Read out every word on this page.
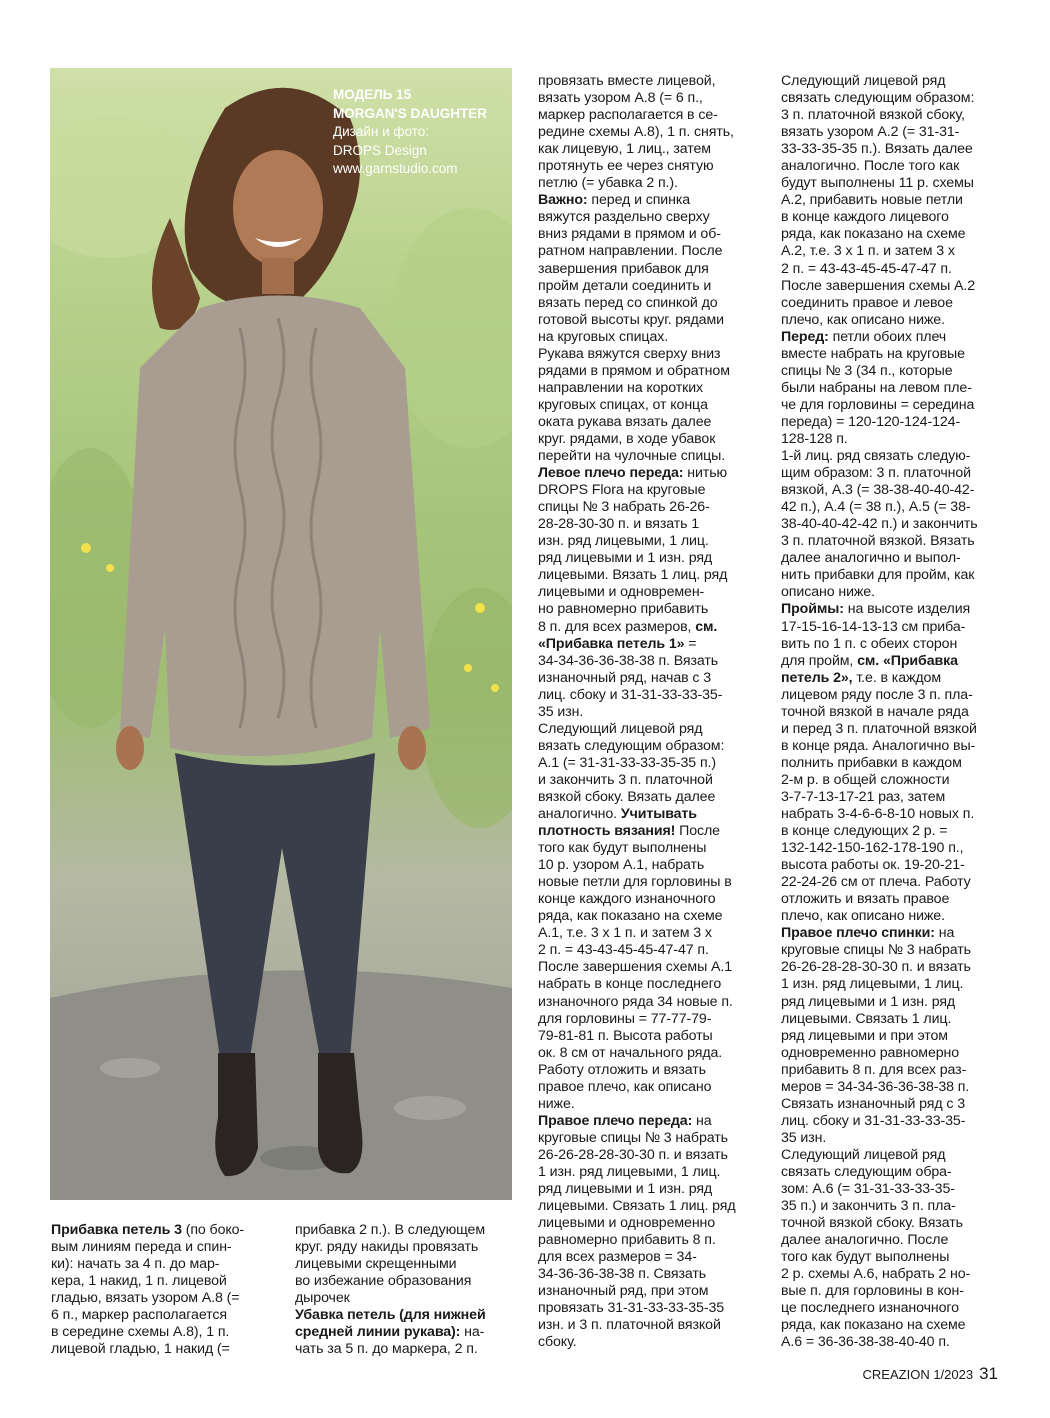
МОДЕЛЬ 15
MORGAN'S DAUGHTER
Дизайн и фото:
DROPS Design
www.garnstudio.com
Прибавка петель 3 (по боко-
вым линиям переда и спин-
ки): начать за 4 п. до мар-
кера, 1 накид, 1 п. лицевой
гладью, вязать узором А.8 (=
6 п., маркер располагается
в середине схемы А.8), 1 п.
лицевой гладью, 1 накид (=
прибавка 2 п.). В следующем
круг. ряду накиды провязать
лицевыми скрещенными
во избежание образования
дырочек
Убавка петель (для нижней
средней линии рукава): на-
чать за 5 п. до маркера, 2 п.
провязать вместе лицевой,
вязать узором А.8 (= 6 п.,
маркер располагается в се-
редине схемы А.8), 1 п. снять,
как лицевую, 1 лиц., затем
протянуть ее через снятую
петлю (= убавка 2 п.).
Важно: перед и спинка
вяжутся раздельно сверху
вниз рядами в прямом и об-
ратном направлении. После
завершения прибавок для
пройм детали соединить и
вязать перед со спинкой до
готовой высоты круг. рядами
на круговых спицах.
Рукава вяжутся сверху вниз
рядами в прямом и обратном
направлении на коротких
круговых спицах, от конца
оката рукава вязать далее
круг. рядами, в ходе убавок
перейти на чулочные спицы.
Левое плечо переда: нитью
DROPS Flora на круговые
спицы № 3 набрать 26-26-
28-28-30-30 п. и вязать 1
изн. ряд лицевыми, 1 лиц.
ряд лицевыми и 1 изн. ряд
лицевыми. Вязать 1 лиц. ряд
лицевыми и одновремен-
но равномерно прибавить
8 п. для всех размеров, см.
«Прибавка петель 1» =
34-34-36-36-38-38 п. Вязать
изнаночный ряд, начав с 3
лиц. сбоку и 31-31-33-33-35-
35 изн.
Следующий лицевой ряд
вязать следующим образом:
А.1 (= 31-31-33-33-35-35 п.)
и закончить 3 п. платочной
вязкой сбоку. Вязать далее
аналогично. Учитывать
плотность вязания! После
того как будут выполнены
10 р. узором А.1, набрать
новые петли для горловины в
конце каждого изнаночного
ряда, как показано на схеме
А.1, т.е. 3 х 1 п. и затем 3 х
2 п. = 43-43-45-45-47-47 п.
После завершения схемы А.1
набрать в конце последнего
изнаночного ряда 34 новые п.
для горловины = 77-77-79-
79-81-81 п. Высота работы
ок. 8 см от начального ряда.
Работу отложить и вязать
правое плечо, как описано
ниже.
Правое плечо переда: на
круговые спицы № 3 набрать
26-26-28-28-30-30 п. и вязать
1 изн. ряд лицевыми, 1 лиц.
ряд лицевыми и 1 изн. ряд
лицевыми. Связать 1 лиц. ряд
лицевыми и одновременно
равномерно прибавить 8 п.
для всех размеров = 34-
34-36-36-38-38 п. Связать
изнаночный ряд, при этом
провязать 31-31-33-33-35-35
изн. и 3 п. платочной вязкой
сбоку.
Следующий лицевой ряд
связать следующим образом:
3 п. платочной вязкой сбоку,
вязать узором А.2 (= 31-31-
33-33-35-35 п.). Вязать далее
аналогично. После того как
будут выполнены 11 р. схемы
А.2, прибавить новые петли
в конце каждого лицевого
ряда, как показано на схеме
А.2, т.е. 3 х 1 п. и затем 3 х
2 п. = 43-43-45-45-47-47 п.
После завершения схемы А.2
соединить правое и левое
плечо, как описано ниже.
Перед: петли обоих плеч
вместе набрать на круговые
спицы № 3 (34 п., которые
были набраны на левом пле-
че для горловины = середина
переда) = 120-120-124-124-
128-128 п.
1-й лиц. ряд связать следую-
щим образом: 3 п. платочной
вязкой, А.3 (= 38-38-40-40-42-
42 п.), А.4 (= 38 п.), А.5 (= 38-
38-40-40-42-42 п.) и закончить
3 п. платочной вязкой. Вязать
далее аналогично и выпол-
нить прибавки для пройм, как
описано ниже.
Проймы: на высоте изделия
17-15-16-14-13-13 см приба-
вить по 1 п. с обеих сторон
для пройм, см. «Прибавка
петель 2», т.е. в каждом
лицевом ряду после 3 п. пла-
точной вязкой в начале ряда
и перед 3 п. платочной вязкой
в конце ряда. Аналогично вы-
полнить прибавки в каждом
2-м р. в общей сложности
3-7-7-13-17-21 раз, затем
набрать 3-4-6-6-8-10 новых п.
в конце следующих 2 р. =
132-142-150-162-178-190 п.,
высота работы ок. 19-20-21-
22-24-26 см от плеча. Работу
отложить и вязать правое
плечо, как описано ниже.
Правое плечо спинки: на
круговые спицы № 3 набрать
26-26-28-28-30-30 п. и вязать
1 изн. ряд лицевыми, 1 лиц.
ряд лицевыми и 1 изн. ряд
лицевыми. Связать 1 лиц.
ряд лицевыми и при этом
одновременно равномерно
прибавить 8 п. для всех раз-
меров = 34-34-36-36-38-38 п.
Связать изнаночный ряд с 3
лиц. сбоку и 31-31-33-33-35-
35 изн.
Следующий лицевой ряд
связать следующим обра-
зом: А.6 (= 31-31-33-33-35-
35 п.) и закончить 3 п. пла-
точной вязкой сбоку. Вязать
далее аналогично. После
того как будут выполнены
2 р. схемы А.6, набрать 2 но-
вые п. для горловины в кон-
це последнего изнаночного
ряда, как показано на схеме
А.6 = 36-36-38-38-40-40 п.
CREAZION 1/2023 31
